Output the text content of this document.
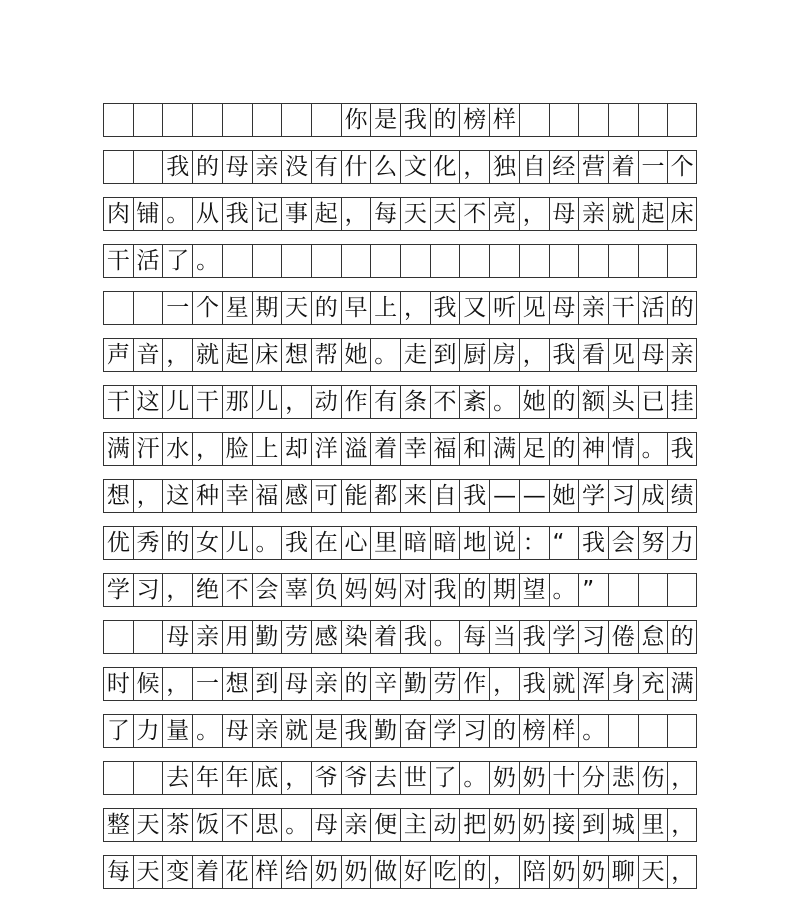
你 是 我 的 榜 样
我 的 母 亲 没 有 什 么 文 化 ， 独 自 经 营 着 一 个
肉 铺 。 从 我 记 事 起 ， 每 天 天 不 亮 ， 母 亲 就 起 床
干 活 了 。
一 个 星 期 天 的 早 上 ， 我 又 听 见 母 亲 干 活 的
声 音 ， 就 起 床 想 帮 她 。 走 到 厨 房 ， 我 看 见 母 亲
干 这 儿 干 那 儿 ， 动 作 有 条 不 紊 。 她 的 额 头 已 挂
满 汗 水 ， 脸 上 却 洋 溢 着 幸 福 和 满 足 的 神 情 。 我
想 ， 这 种 幸 福 感 可 能 都 来 自 我 — — 她 学 习 成 绩
优 秀 的 女 儿 。 我 在 心 里 暗 暗 地 说 ： “ 我 会 努 力
学 习 ， 绝 不 会 辜 负 妈 妈 对 我 的 期 望 。 ”
母 亲 用 勤 劳 感 染 着 我 。 每 当 我 学 习 倦 怠 的
时 候 ， 一 想 到 母 亲 的 辛 勤 劳 作 ， 我 就 浑 身 充 满
了 力 量 。 母 亲 就 是 我 勤 奋 学 习 的 榜 样 。
去 年 年 底 ， 爷 爷 去 世 了 。 奶 奶 十 分 悲 伤 ，
整 天 茶 饭 不 思 。 母 亲 便 主 动 把 奶 奶 接 到 城 里 ，
每 天 变 着 花 样 给 奶 奶 做 好 吃 的 ， 陪 奶 奶 聊 天 ，
